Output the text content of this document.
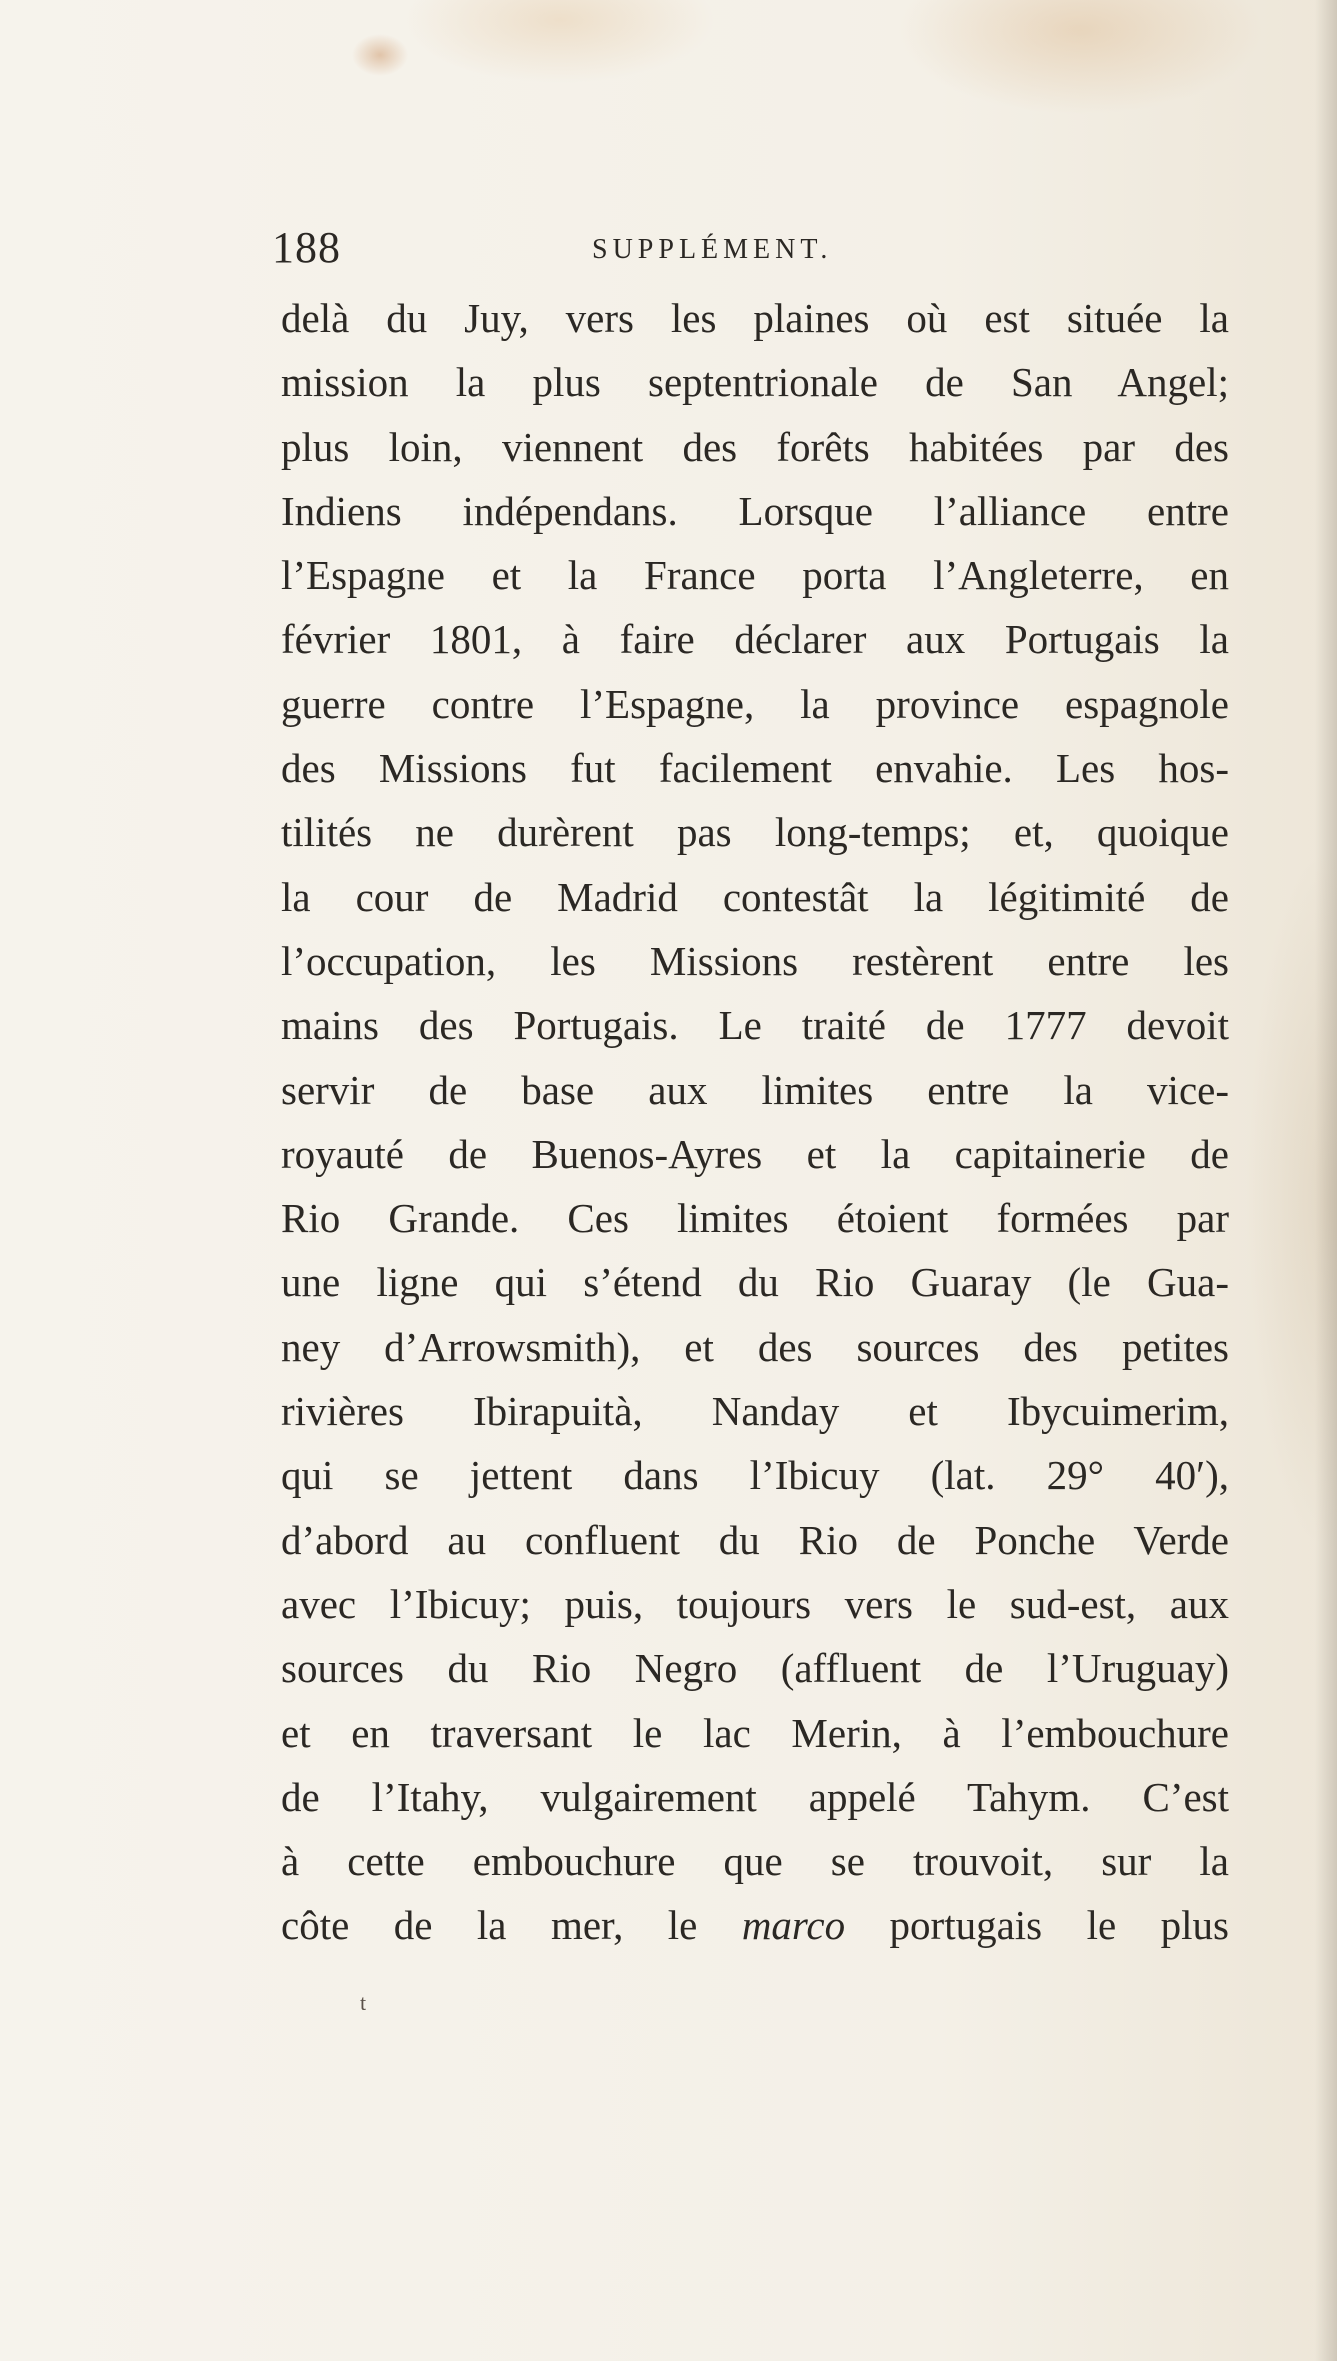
188	SUPPLÉMENT.
delà du Juy, vers les plaines où est située la
mission la plus septentrionale de San Angel;
plus loin, viennent des forêts habitées par des
Indiens indépendans. Lorsque l’alliance entre
l’Espagne et la France porta l’Angleterre, en
février 1801, à faire déclarer aux Portugais la
guerre contre l’Espagne, la province espagnole
des Missions fut facilement envahie. Les hos-
tilités ne durèrent pas long-temps; et, quoique
la cour de Madrid contestât la légitimité de
l’occupation, les Missions restèrent entre les
mains des Portugais. Le traité de 1777 devoit
servir de base aux limites entre la vice-
royauté de Buenos-Ayres et la capitainerie de
Rio Grande. Ces limites étoient formées par
une ligne qui s’étend du Rio Guaray (le Gua-
ney d’Arrowsmith), et des sources des petites
rivières Ibirapuità, Nanday et Ibycuimerim,
qui se jettent dans l’Ibicuy (lat. 29° 40′),
d’abord au confluent du Rio de Ponche Verde
avec l’Ibicuy; puis, toujours vers le sud-est, aux
sources du Rio Negro (affluent de l’Uruguay)
et en traversant le lac Merin, à l’embouchure
de l’Itahy, vulgairement appelé Tahym. C’est
à cette embouchure que se trouvoit, sur la
côte de la mer, le marco portugais le plus
t
